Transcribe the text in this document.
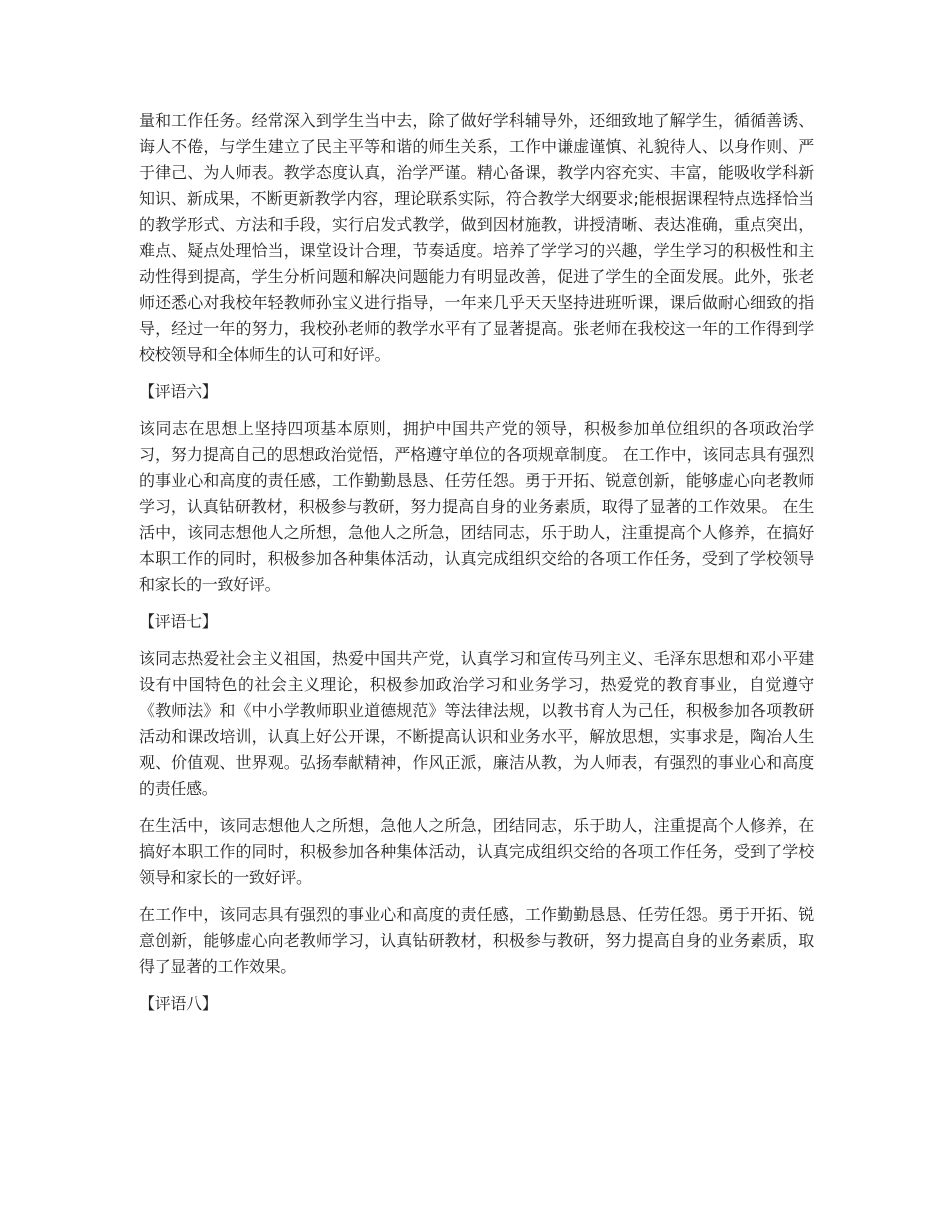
量和工作任务。经常深入到学生当中去，除了做好学科辅导外，还细致地了解学生，循循善诱、诲人不倦，与学生建立了民主平等和谐的师生关系，工作中谦虚谨慎、礼貌待人、以身作则、严于律己、为人师表。教学态度认真，治学严谨。精心备课，教学内容充实、丰富，能吸收学科新知识、新成果，不断更新教学内容，理论联系实际，符合教学大纲要求;能根据课程特点选择恰当的教学形式、方法和手段，实行启发式教学，做到因材施教，讲授清晰、表达准确，重点突出，难点、疑点处理恰当，课堂设计合理，节奏适度。培养了学学习的兴趣，学生学习的积极性和主动性得到提高，学生分析问题和解决问题能力有明显改善，促进了学生的全面发展。此外，张老师还悉心对我校年轻教师孙宝义进行指导，一年来几乎天天坚持进班听课，课后做耐心细致的指导，经过一年的努力，我校孙老师的教学水平有了显著提高。张老师在我校这一年的工作得到学校校领导和全体师生的认可和好评。

【评语六】

该同志在思想上坚持四项基本原则，拥护中国共产党的领导，积极参加单位组织的各项政治学习，努力提高自己的思想政治觉悟，严格遵守单位的各项规章制度。 在工作中，该同志具有强烈的事业心和高度的责任感，工作勤勤恳恳、任劳任怨。勇于开拓、锐意创新，能够虚心向老教师学习，认真钻研教材，积极参与教研，努力提高自身的业务素质，取得了显著的工作效果。 在生活中，该同志想他人之所想，急他人之所急，团结同志，乐于助人，注重提高个人修养，在搞好本职工作的同时，积极参加各种集体活动，认真完成组织交给的各项工作任务，受到了学校领导和家长的一致好评。

【评语七】

该同志热爱社会主义祖国，热爱中国共产党，认真学习和宣传马列主义、毛泽东思想和邓小平建设有中国特色的社会主义理论，积极参加政治学习和业务学习，热爱党的教育事业，自觉遵守《教师法》和《中小学教师职业道德规范》等法律法规，以教书育人为己任，积极参加各项教研活动和课改培训，认真上好公开课，不断提高认识和业务水平，解放思想，实事求是，陶冶人生观、价值观、世界观。弘扬奉献精神，作风正派，廉洁从教，为人师表，有强烈的事业心和高度的责任感。

在生活中，该同志想他人之所想，急他人之所急，团结同志，乐于助人，注重提高个人修养，在搞好本职工作的同时，积极参加各种集体活动，认真完成组织交给的各项工作任务，受到了学校领导和家长的一致好评。

在工作中，该同志具有强烈的事业心和高度的责任感，工作勤勤恳恳、任劳任怨。勇于开拓、锐意创新，能够虚心向老教师学习，认真钻研教材，积极参与教研，努力提高自身的业务素质，取得了显著的工作效果。

【评语八】
